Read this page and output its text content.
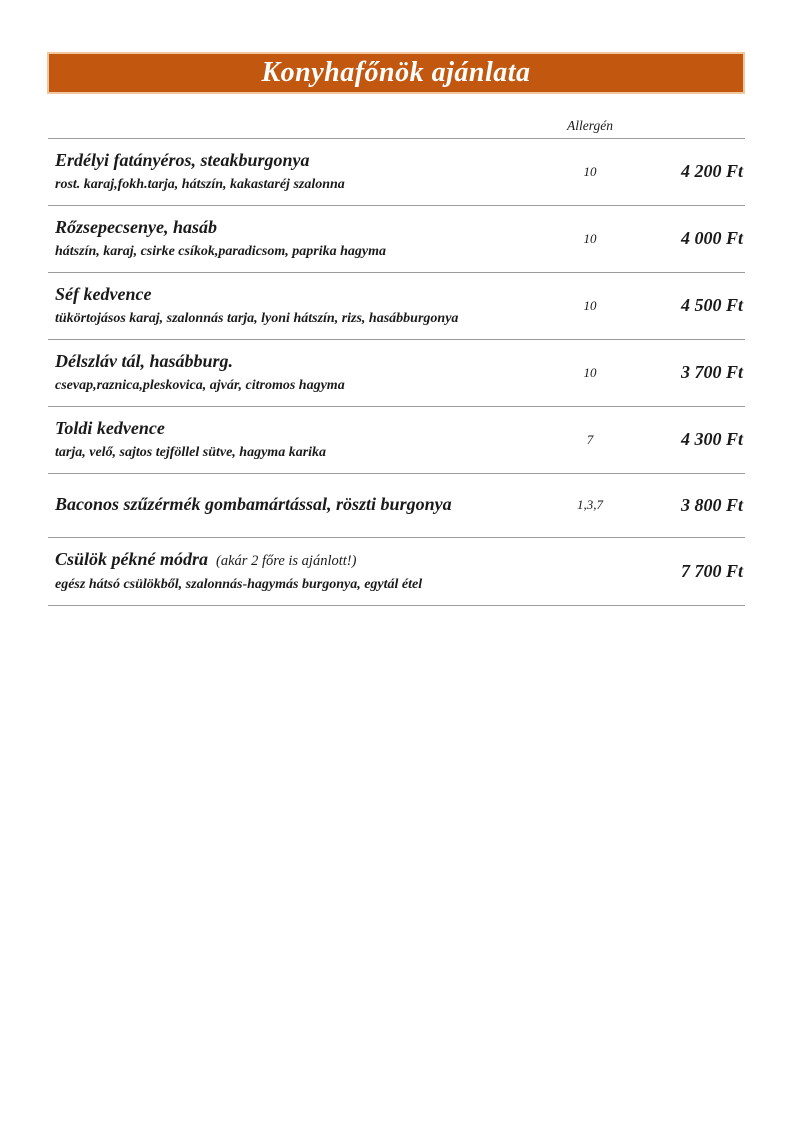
Konyhafőnök ajánlata
Allergén
Erdélyi fatányéros, steakburgonya
rost. karaj,fokh.tarja, hátszín, kakastaréj szalonna
10	4 200 Ft
Rőzsepecsenye, hasáb
hátszín, karaj, csirke csíkok,paradicsom, paprika hagyma
10	4 000 Ft
Séf kedvence
tükörtojásos karaj, szalonnás tarja, lyoni hátszín, rizs, hasábburgonya
10	4 500 Ft
Délszláv tál, hasábburg.
csevap,raznica,pleskovica, ajvár, citromos hagyma
10	3 700 Ft
Toldi kedvence
tarja, velő, sajtos tejföllel sütve, hagyma karika
7	4 300 Ft
Baconos szűzérmék gombamártással, röszti burgonya	1,3,7	3 800 Ft
Csülök pékné módra (akár 2 főre is ajánlott!)
egész hátsó csülökből, szalonnás-hagymás burgonya, egytál étel
7 700 Ft
